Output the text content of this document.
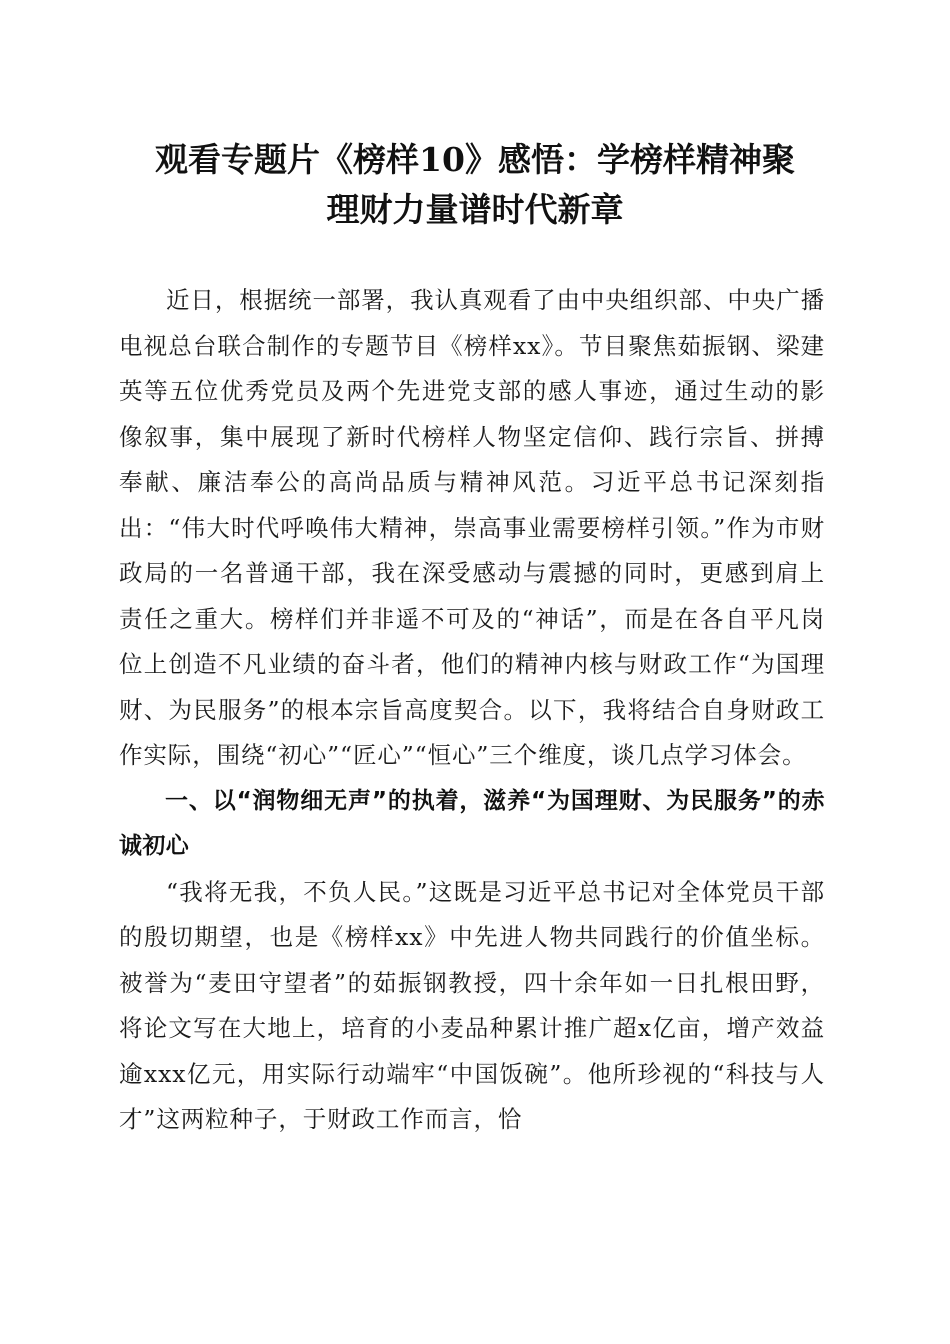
观看专题片《榜样10》感悟：学榜样精神聚
理财力量谱时代新章

近日，根据统一部署，我认真观看了由中央组织部、中央广播电视总台联合制作的专题节目《榜样xx》。节目聚焦茹振钢、梁建英等五位优秀党员及两个先进党支部的感人事迹，通过生动的影像叙事，集中展现了新时代榜样人物坚定信仰、践行宗旨、拼搏奉献、廉洁奉公的高尚品质与精神风范。习近平总书记深刻指出：“伟大时代呼唤伟大精神，崇高事业需要榜样引领。”作为市财政局的一名普通干部，我在深受感动与震撼的同时，更感到肩上责任之重大。榜样们并非遥不可及的“神话”，而是在各自平凡岗位上创造不凡业绩的奋斗者，他们的精神内核与财政工作“为国理财、为民服务”的根本宗旨高度契合。以下，我将结合自身财政工作实际，围绕“初心”“匠心”“恒心”三个维度，谈几点学习体会。

一、以“润物细无声”的执着，滋养“为国理财、为民服务”的赤诚初心

“我将无我，不负人民。”这既是习近平总书记对全体党员干部的殷切期望，也是《榜样xx》中先进人物共同践行的价值坐标。被誉为“麦田守望者”的茹振钢教授，四十余年如一日扎根田野，将论文写在大地上，培育的小麦品种累计推广超x亿亩，增产效益逾xxx亿元，用实际行动端牢“中国饭碗”。他所珍视的“科技与人才”这两粒种子，于财政工作而言，恰
